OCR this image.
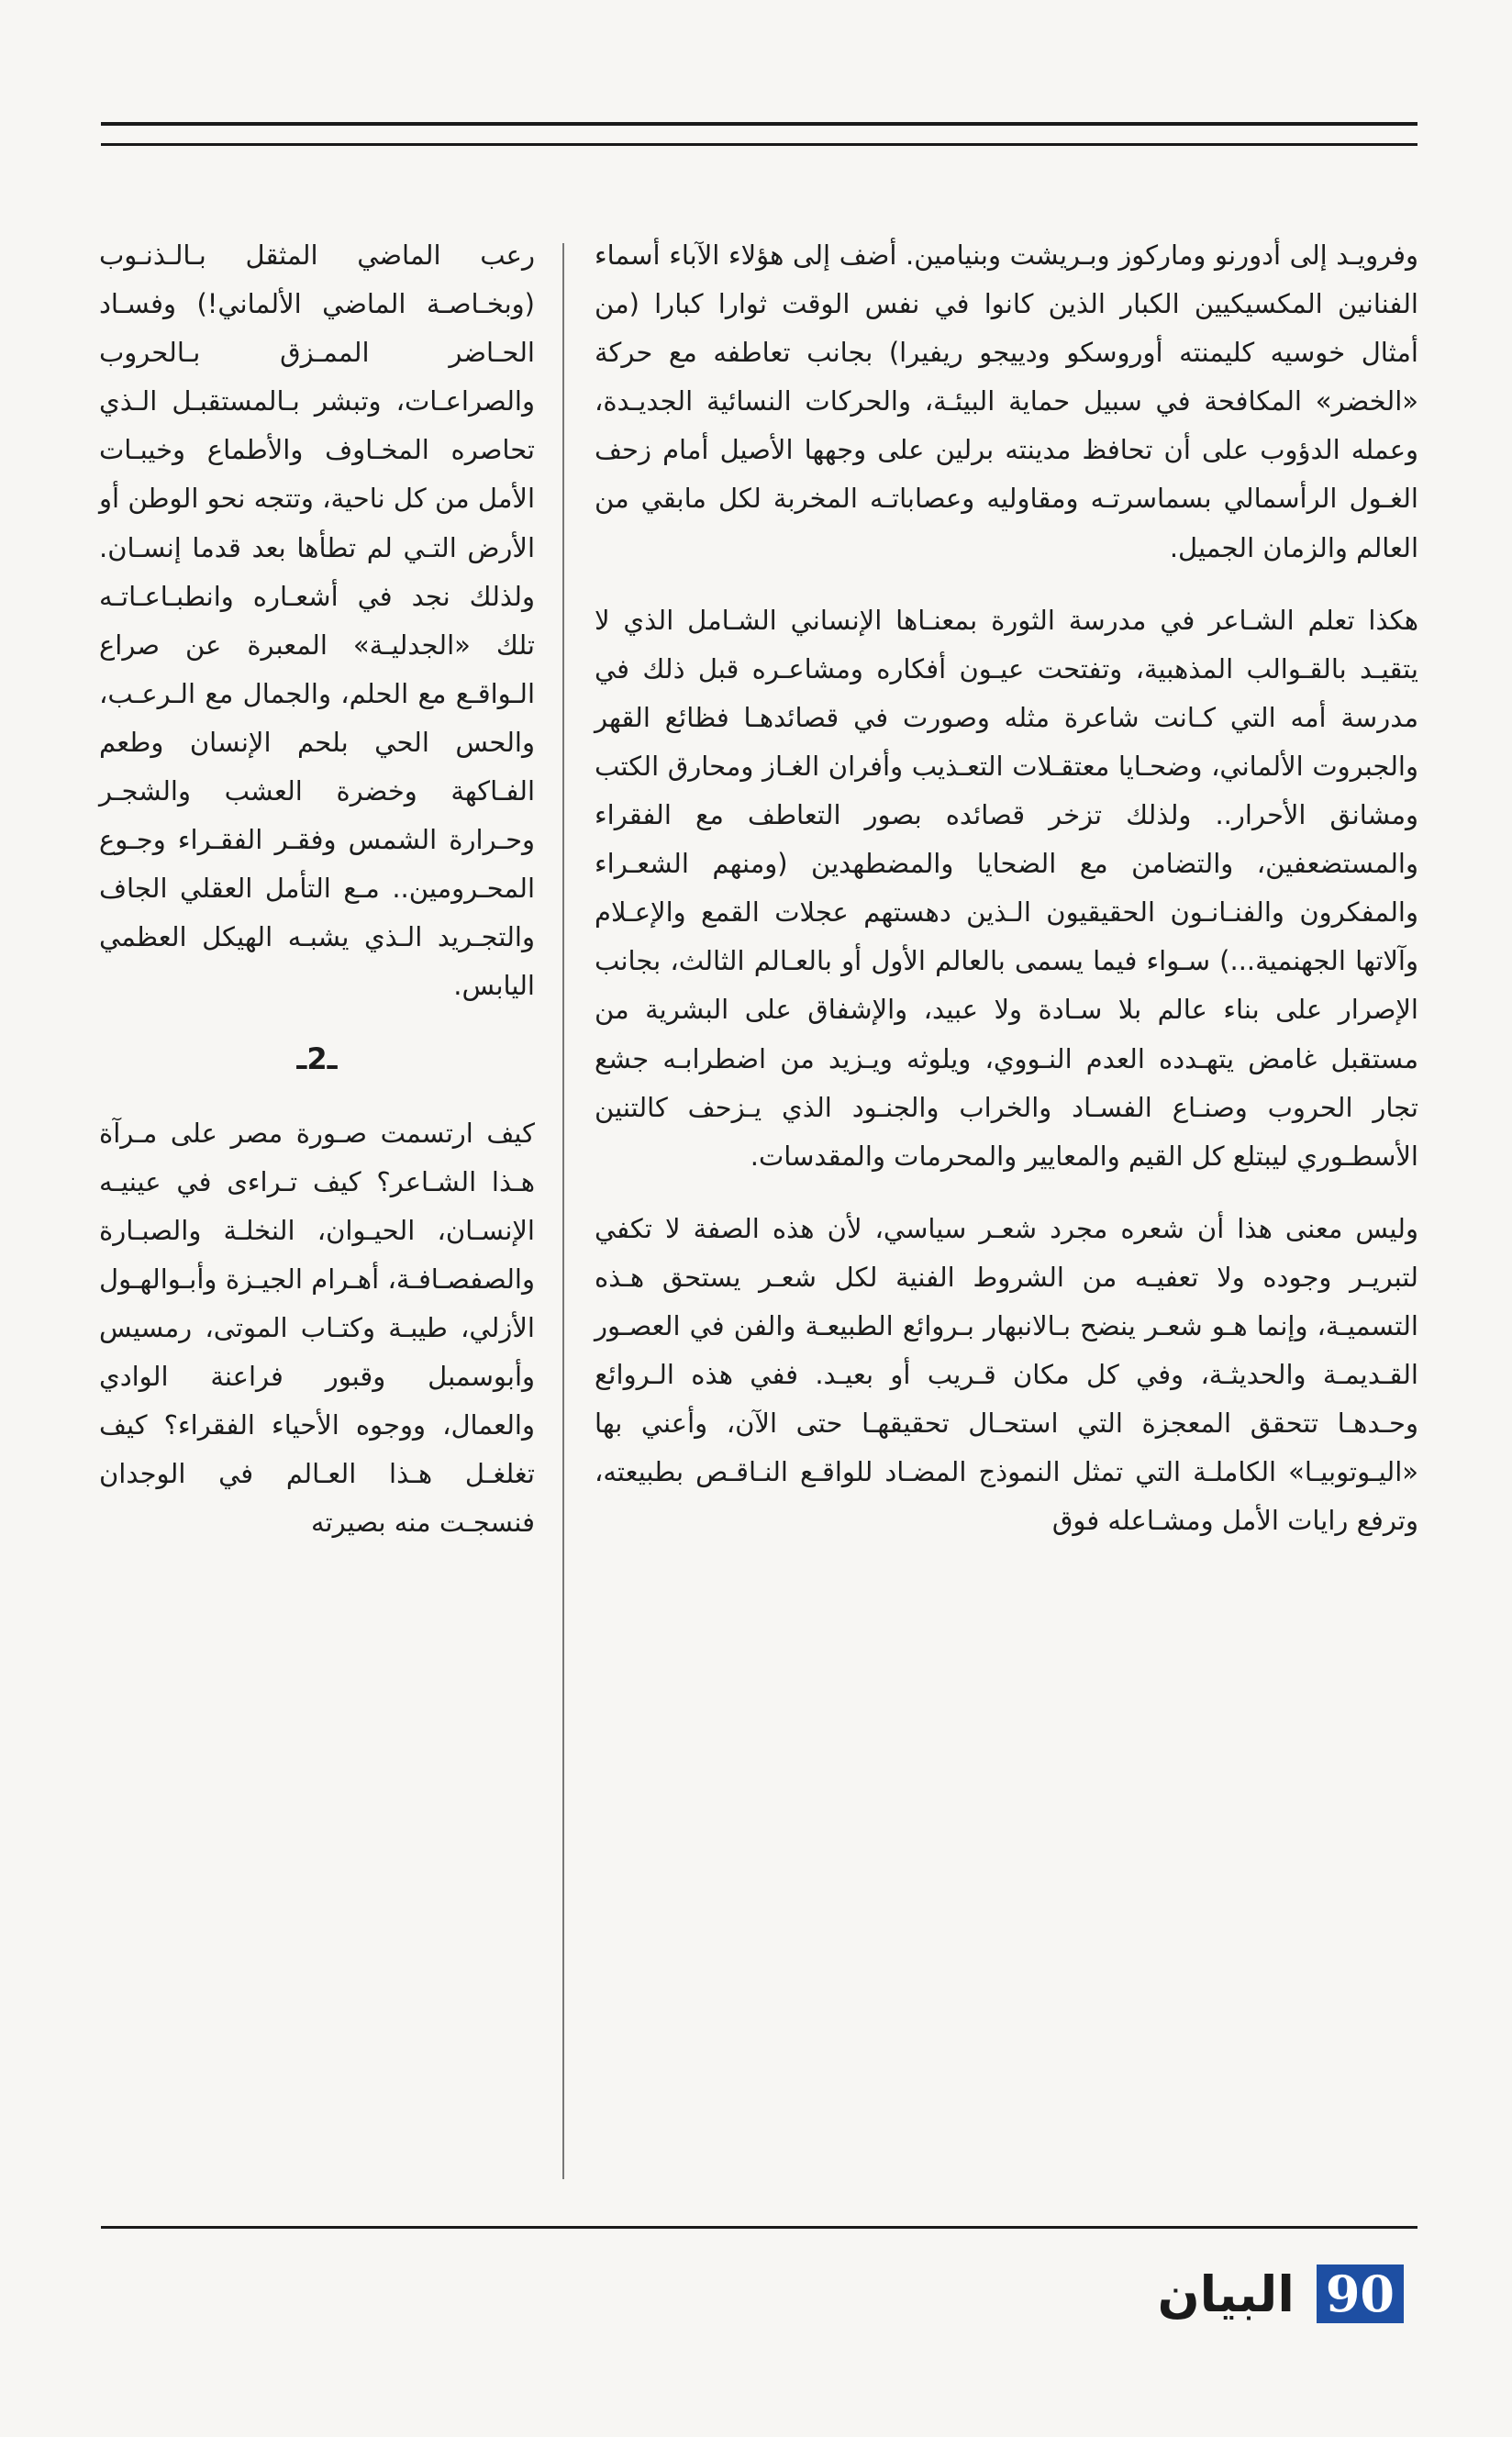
وفرويـد إلى أدورنو وماركوز وبـريشت وبنيامين. أضف إلى هؤلاء الآباء أسماء الفنانين المكسيكيين الكبار الذين كانوا في نفس الوقت ثوارا كبارا (من أمثال خوسيه كليمنته أوروسكو ودييجو ريفيرا) بجانب تعاطفه مع حركة «الخضر» المكافحة في سبيل حماية البيئـة، والحركات النسائية الجديـدة، وعمله الدؤوب على أن تحافظ مدينته برلين على وجهها الأصيل أمام زحف الغـول الرأسمالي بسماسرتـه ومقاوليه وعصاباتـه المخربة لكل مابقي من العالم والزمان الجميل.

هكذا تعلم الشـاعر في مدرسة الثورة بمعنـاها الإنساني الشـامل الذي لا يتقيـد بالقـوالب المذهبية، وتفتحت عيـون أفكاره ومشاعـره قبل ذلك في مدرسة أمه التي كـانت شاعرة مثله وصورت في قصائدهـا فظائع القهر والجبروت الألماني، وضحـايا معتقـلات التعـذيب وأفران الغـاز ومحارق الكتب ومشانق الأحرار.. ولذلك تزخر قصائده بصور التعاطف مع الفقراء والمستضعفين، والتضامن مع الضحايا والمضطهدين (ومنهم الشعـراء والمفكرون والفنـانـون الحقيقيون الـذين دهستهم عجلات القمع والإعـلام وآلاتها الجهنمية...) سـواء فيما يسمى بالعالم الأول أو بالعـالم الثالث، بجانب الإصرار على بناء عالم بلا سـادة ولا عبيد، والإشفاق على البشرية من مستقبل غامض يتهـدده العدم النـووي، ويلوثه ويـزيد من اضطرابـه جشع تجار الحروب وصنـاع الفسـاد والخراب والجنـود الذي يـزحف كالتنين الأسطـوري ليبتلع كل القيم والمعايير والمحرمات والمقدسات.

وليس معنى هذا أن شعره مجرد شعـر سياسي، لأن هذه الصفة لا تكفي لتبريـر وجوده ولا تعفيـه من الشروط الفنية لكل شعـر يستحق هـذه التسميـة، وإنما هـو شعـر ينضح بـالانبهار بـروائع الطبيعـة والفن في العصـور القـديمـة والحديثـة، وفي كل مكان قـريب أو بعيـد. ففي هذه الـروائع وحـدهـا تتحقق المعجزة التي استحـال تحقيقهـا حتى الآن، وأعني بها «اليـوتوبيـا» الكاملـة التي تمثل النموذج المضـاد للواقـع النـاقـص بطبيعته، وترفع رايات الأمل ومشـاعله فوق

رعب الماضي المثقل بـالـذنـوب (وبخـاصـة الماضي الألماني!) وفسـاد الحـاضر الممـزق بـالحروب والصراعـات، وتبشر بـالمستقبـل الـذي تحاصره المخـاوف والأطماع وخيبـات الأمل من كل ناحية، وتتجه نحو الوطن أو الأرض التـي لم تطأها بعد قدما إنسـان. ولذلك نجد في أشعـاره وانطبـاعـاتـه تلك «الجدليـة» المعبرة عن صراع الـواقـع مع الحلم، والجمال مع الـرعـب، والحس الحي بلحم الإنسان وطعم الفـاكهة وخضرة العشب والشجـر وحـرارة الشمس وفقـر الفقـراء وجـوع المحـرومين.. مـع التأمل العقلي الجاف والتجـريد الـذي يشبـه الهيكل العظمي اليابس.

ـ2ـ

كيف ارتسمت صـورة مصر على مـرآة هـذا الشـاعر؟ كيف تـراءى في عينيـه الإنسـان، الحيـوان، النخلـة والصبـارة والصفصـافـة، أهـرام الجيـزة وأبـوالهـول الأزلي، طيبـة وكتـاب الموتى، رمسيس وأبوسمبل وقبور فراعنة الوادي والعمال، ووجوه الأحياء الفقراء؟ كيف تغلغـل هـذا العـالم في الوجدان فنسجـت منه بصيرته

90
البيان
